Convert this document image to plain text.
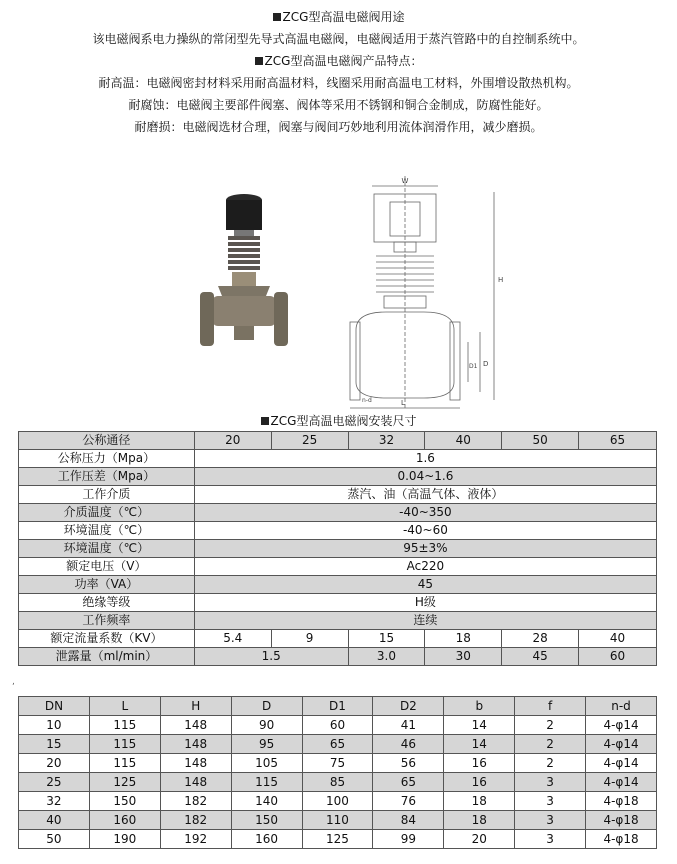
ZCG型高温电磁阀用途
该电磁阀系电力操纵的常闭型先导式高温电磁阀，电磁阀适用于蒸汽管路中的自控制系统中。
ZCG型高温电磁阀产品特点：
耐高温：电磁阀密封材料采用耐高温材料，线圈采用耐高温电工材料，外围增设散热机构。
耐腐蚀：电磁阀主要部件阀塞、阀体等采用不锈钢和铜合金制成，防腐性能好。
耐磨损：电磁阀选材合理，阀塞与阀间巧妙地利用流体润滑作用，减少磨损。
W
H
D
D1
L
n-d
ZCG型高温电磁阀安装尺寸
公称通径	20	25	32	40	50	65
公称压力（Mpa）	1.6					
工作压差（Mpa）	0.04~1.6					
工作介质	蒸汽、油（高温气体、液体）					
介质温度（℃）	-40~350					
环境温度（℃）	-40~60					
环境温度（℃）	95±3%					
额定电压（V）	Ac220					
功率（VA）	45					
绝缘等级	H级					
工作频率	连续					
额定流量系数（KV）	5.4	9	15	18	28	40
泄露量（ml/min）	1.5		3.0	30	45	60
,
DN	L	H	D	D1	D2	b	f	n-d
10	115	148	90	60	41	14	2	4-φ14
15	115	148	95	65	46	14	2	4-φ14
20	115	148	105	75	56	16	2	4-φ14
25	125	148	115	85	65	16	3	4-φ14
32	150	182	140	100	76	18	3	4-φ18
40	160	182	150	110	84	18	3	4-φ18
50	190	192	160	125	99	20	3	4-φ18
